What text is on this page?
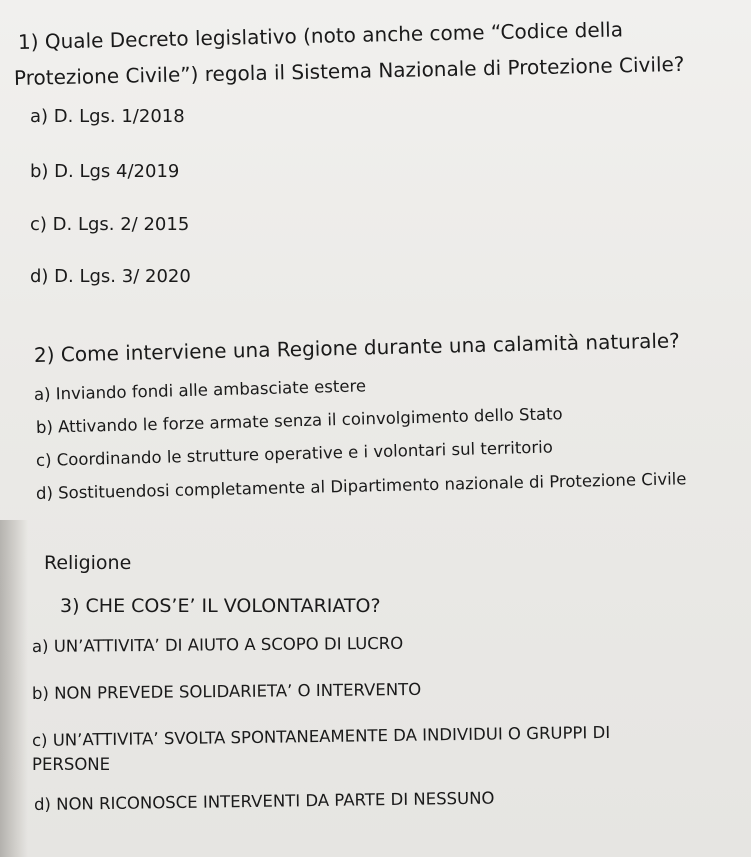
1) Quale Decreto legislativo (noto anche come “Codice della
Protezione Civile”) regola il Sistema Nazionale di Protezione Civile?
a) D. Lgs. 1/2018
b) D. Lgs 4/2019
c) D. Lgs. 2/ 2015
d) D. Lgs. 3/ 2020
2) Come interviene una Regione durante una calamità naturale?
a) Inviando fondi alle ambasciate estere
b) Attivando le forze armate senza il coinvolgimento dello Stato
c) Coordinando le strutture operative e i volontari sul territorio
d) Sostituendosi completamente al Dipartimento nazionale di Protezione Civile
Religione
3) CHE COS’E’ IL VOLONTARIATO?
a) UN’ATTIVITA’ DI AIUTO A SCOPO DI LUCRO
b) NON PREVEDE SOLIDARIETA’ O INTERVENTO
c) UN’ATTIVITA’ SVOLTA SPONTANEAMENTE DA INDIVIDUI O GRUPPI DI
PERSONE
d) NON RICONOSCE INTERVENTI DA PARTE DI NESSUNO
